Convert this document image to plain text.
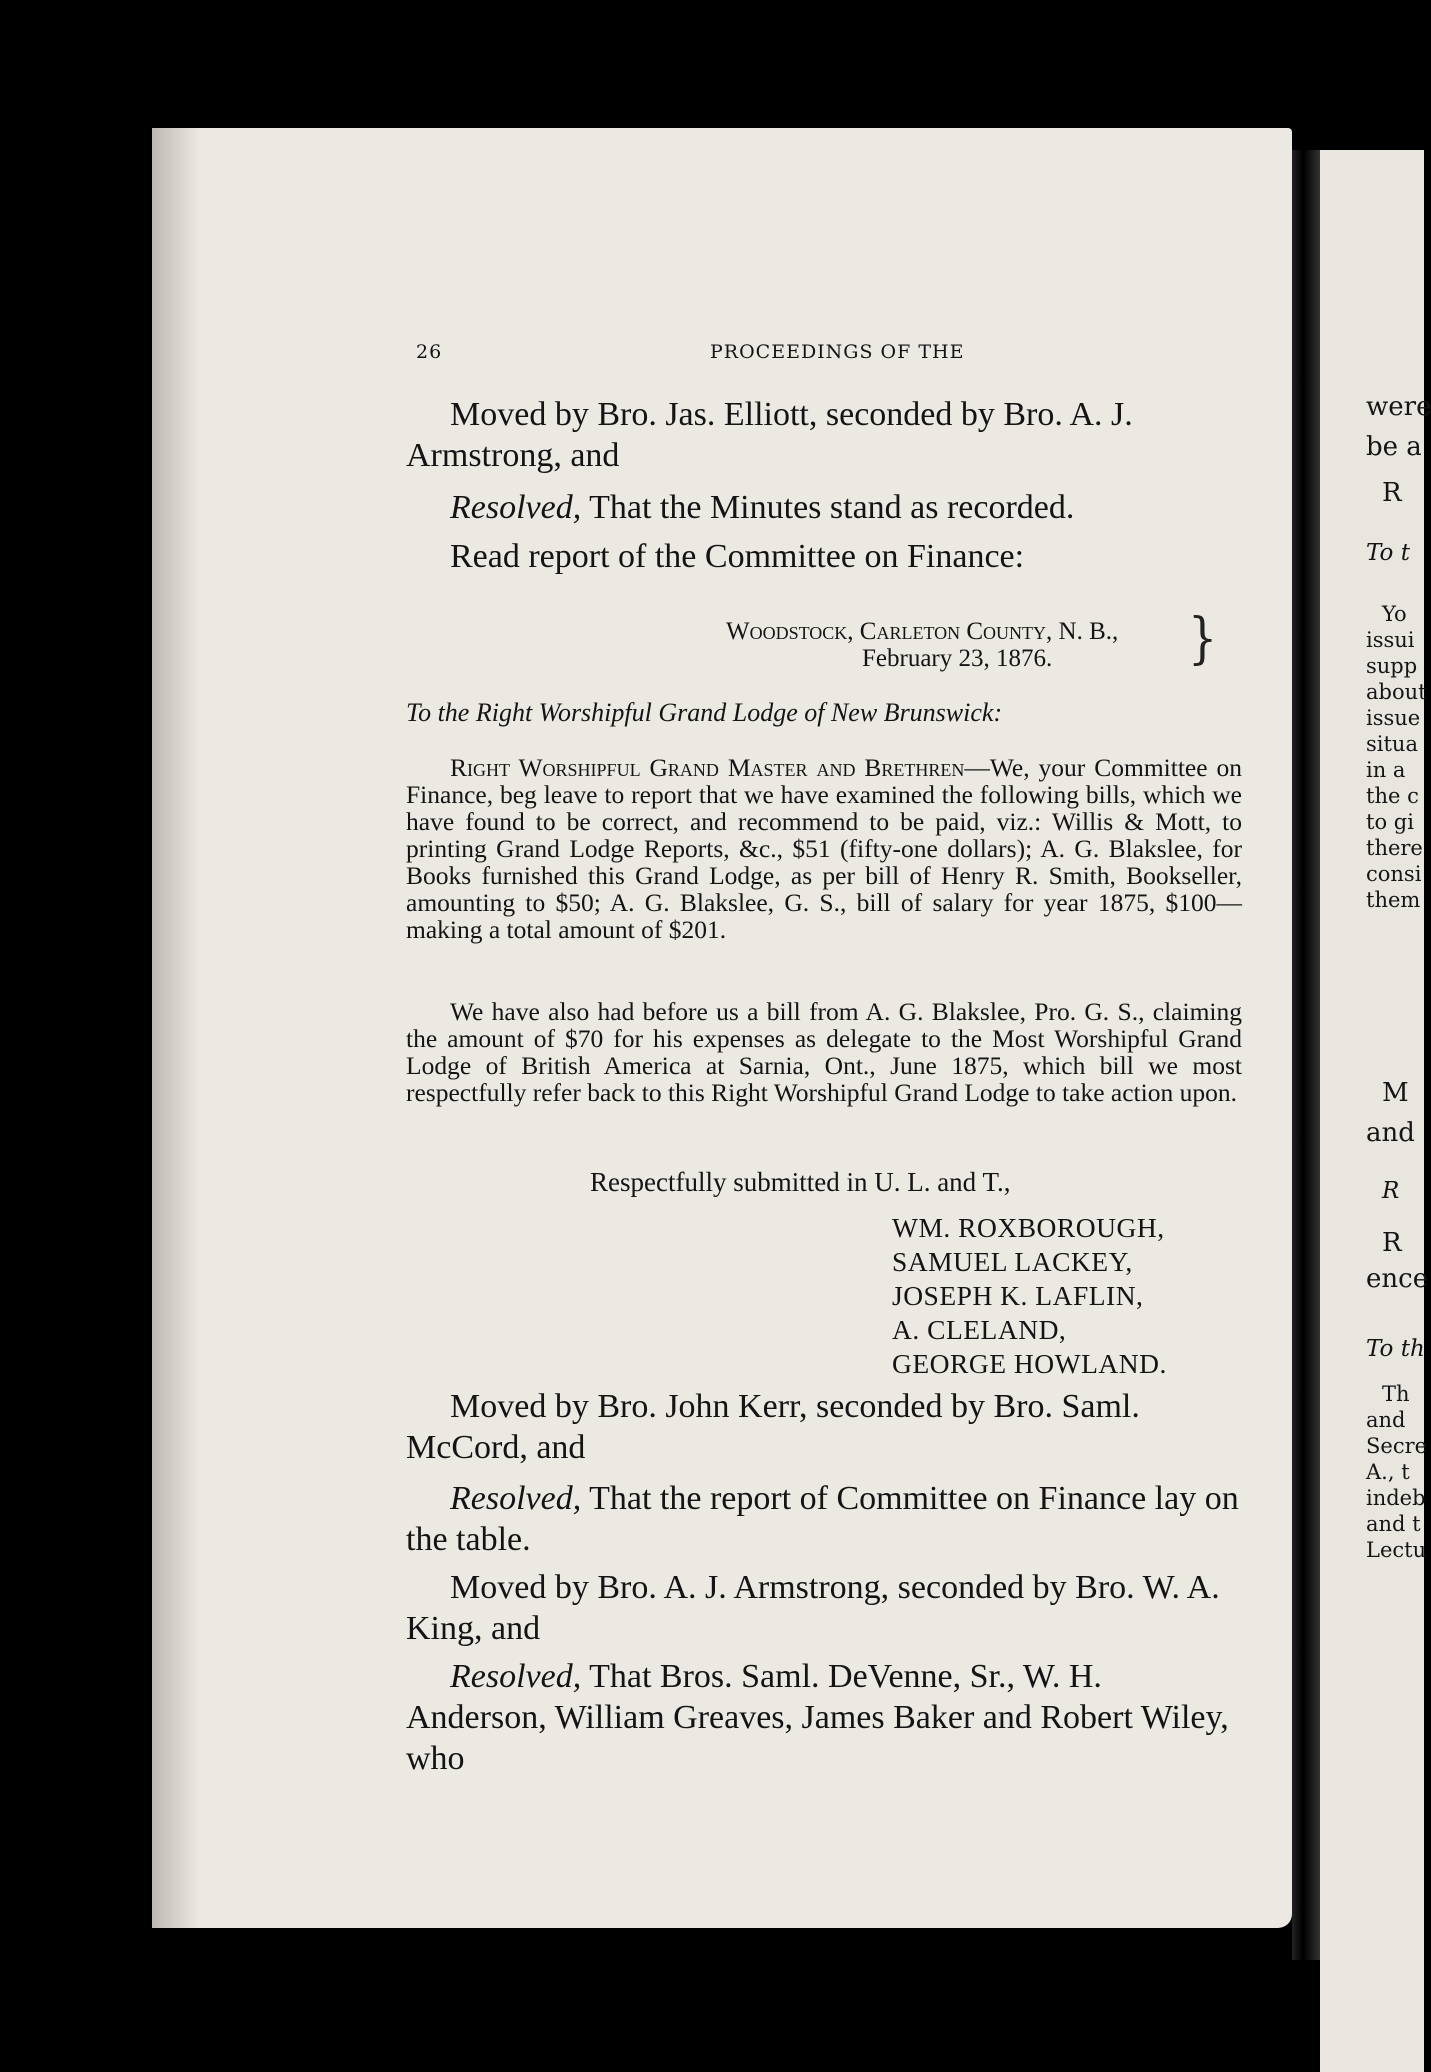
26	PROCEEDINGS OF THE
Moved by Bro. Jas. Elliott, seconded by Bro. A. J. Armstrong, and
Resolved, That the Minutes stand as recorded.
Read report of the Committee on Finance:
Woodstock, Carleton County, N. B.,
February 23, 1876.	}
To the Right Worshipful Grand Lodge of New Brunswick:
Right Worshipful Grand Master and Brethren—We, your Committee on Finance, beg leave to report that we have examined the following bills, which we have found to be correct, and recommend to be paid, viz.: Willis & Mott, to printing Grand Lodge Reports, &c., $51 (fifty-one dollars); A. G. Blakslee, for Books furnished this Grand Lodge, as per bill of Henry R. Smith, Bookseller, amounting to $50; A. G. Blakslee, G. S., bill of salary for year 1875, $100—making a total amount of $201.
We have also had before us a bill from A. G. Blakslee, Pro. G. S., claiming the amount of $70 for his expenses as delegate to the Most Worshipful Grand Lodge of British America at Sarnia, Ont., June 1875, which bill we most respectfully refer back to this Right Worshipful Grand Lodge to take action upon.
Respectfully submitted in U. L. and T.,
WM. ROXBOROUGH,
SAMUEL LACKEY,
JOSEPH K. LAFLIN,
A. CLELAND,
GEORGE HOWLAND.
Moved by Bro. John Kerr, seconded by Bro. Saml. McCord, and
Resolved, That the report of Committee on Finance lay on the table.
Moved by Bro. A. J. Armstrong, seconded by Bro. W. A. King, and
Resolved, That Bros. Saml. DeVenne, Sr., W. H. Anderson, William Greaves, James Baker and Robert Wiley, who
were
be a
R
To t
Yo
issui
supp
about
issue
situa
in a
the c
to gi
there
consi
them
M
and
R
R
ence
To th
Th
and
Secre
A., t
indeb
and t
Lectu
